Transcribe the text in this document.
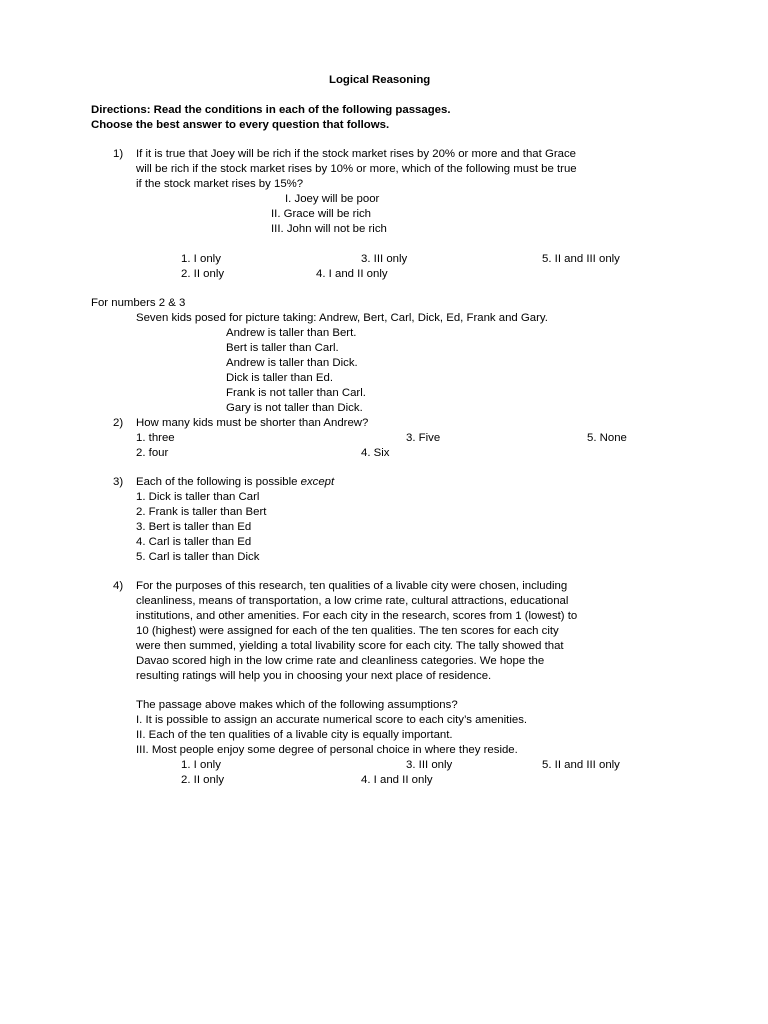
Logical Reasoning
Directions: Read the conditions in each of the following passages.
Choose the best answer to every question that follows.
1) If it is true that Joey will be rich if the stock market rises by 20% or more and that Grace
will be rich if the stock market rises by 10% or more, which of the following must be true
if the stock market rises by 15%?
I. Joey will be poor
II. Grace will be rich
III. John will not be rich
1. I only	3. III only	5. II and III only
2. II only	4. I and II only
For numbers 2 & 3
Seven kids posed for picture taking: Andrew, Bert, Carl, Dick, Ed, Frank and Gary.
Andrew is taller than Bert.
Bert is taller than Carl.
Andrew is taller than Dick.
Dick is taller than Ed.
Frank is not taller than Carl.
Gary is not taller than Dick.
2) How many kids must be shorter than Andrew?
1. three	3. Five	5. None
2. four	4. Six
3) Each of the following is possible except
1. Dick is taller than Carl
2. Frank is taller than Bert
3. Bert is taller than Ed
4. Carl is taller than Ed
5. Carl is taller than Dick
4) For the purposes of this research, ten qualities of a livable city were chosen, including
cleanliness, means of transportation, a low crime rate, cultural attractions, educational
institutions, and other amenities. For each city in the research, scores from 1 (lowest) to
10 (highest) were assigned for each of the ten qualities. The ten scores for each city
were then summed, yielding a total livability score for each city. The tally showed that
Davao scored high in the low crime rate and cleanliness categories. We hope the
resulting ratings will help you in choosing your next place of residence.
The passage above makes which of the following assumptions?
I. It is possible to assign an accurate numerical score to each city’s amenities.
II. Each of the ten qualities of a livable city is equally important.
III. Most people enjoy some degree of personal choice in where they reside.
1. I only	3. III only	5. II and III only
2. II only	4. I and II only
